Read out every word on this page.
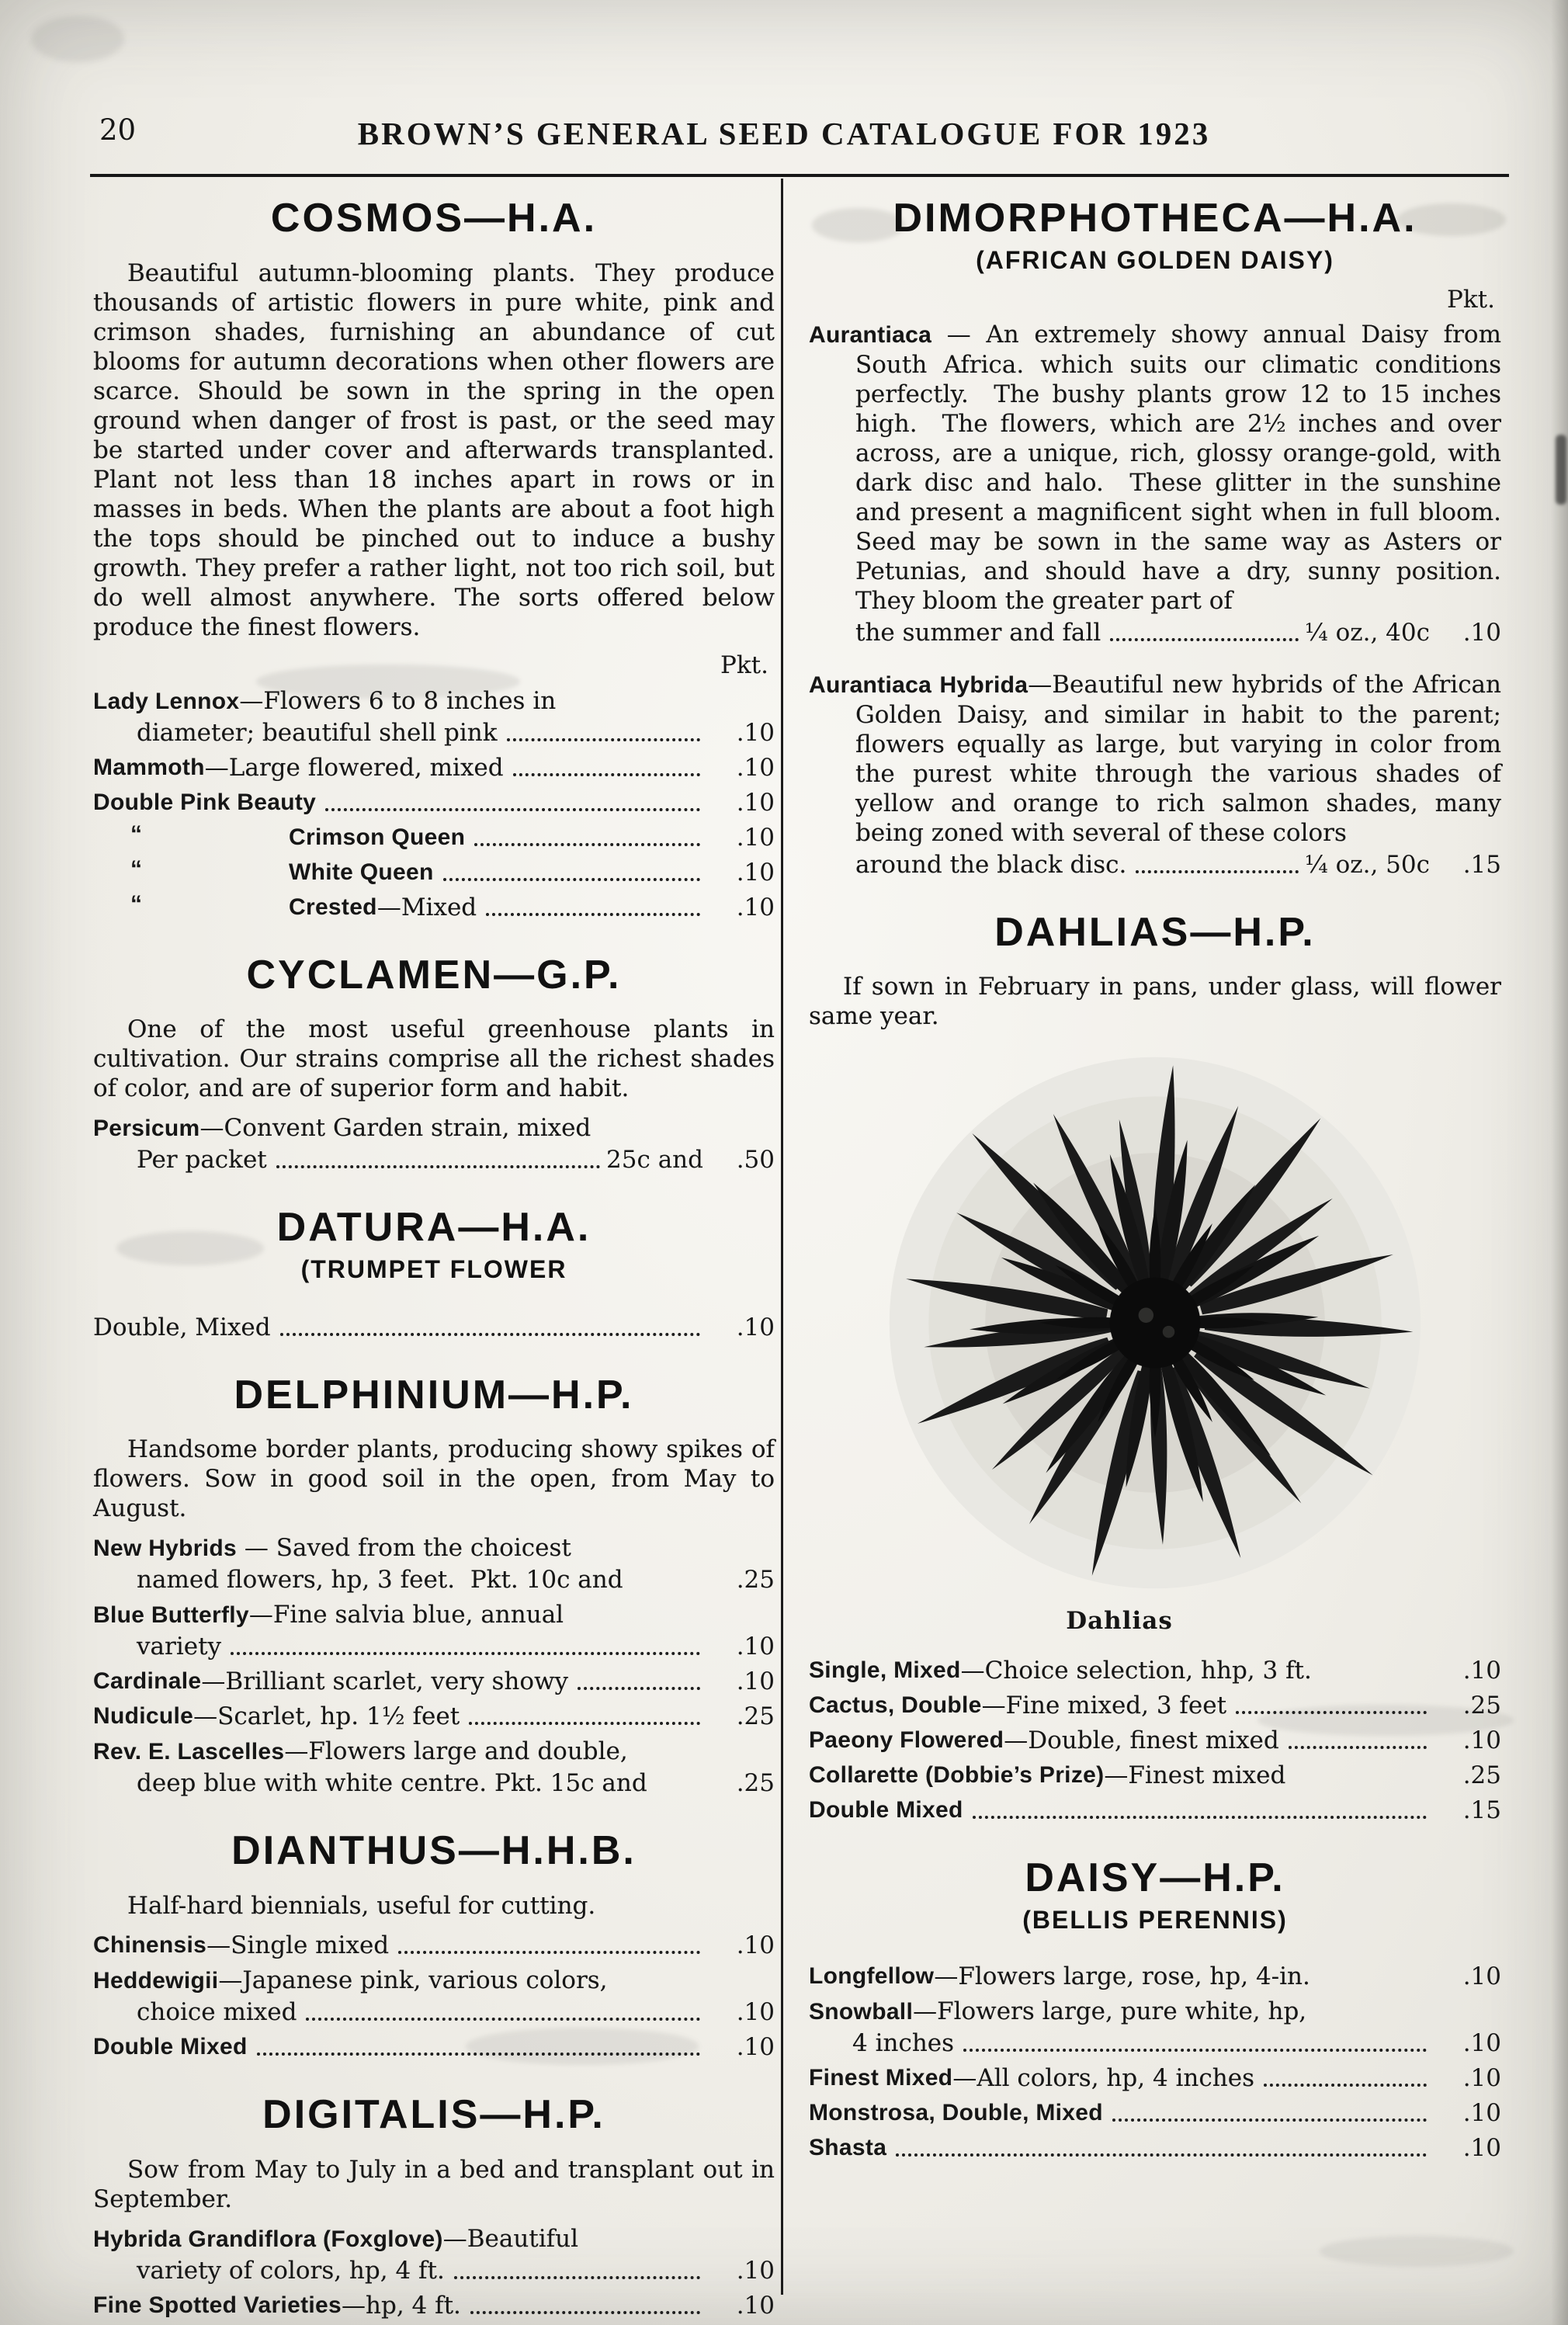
20	BROWN’S GENERAL SEED CATALOGUE FOR 1923
COSMOS—H.A.

Beautiful autumn-blooming plants. They produce thousands of artistic flowers in pure white, pink and crimson shades, furnishing an abundance of cut blooms for autumn decorations when other flowers are scarce. Should be sown in the spring in the open ground when danger of frost is past, or the seed may be started under cover and afterwards transplanted. Plant not less than 18 inches apart in rows or in masses in beds. When the plants are about a foot high the tops should be pinched out to induce a bushy growth. They prefer a rather light, not too rich soil, but do well almost anywhere. The sorts offered below produce the finest flowers.

Pkt.
Lady Lennox—Flowers 6 to 8 inches in
diameter; beautiful shell pink	.10
Mammoth —Large flowered, mixed	.10
Double Pink Beauty	.10
“	Crimson Queen	.10
“	White Queen	.10
“	Crested —Mixed	.10
CYCLAMEN—G.P.

One of the most useful greenhouse plants in cultivation. Our strains comprise all the richest shades of color, and are of superior form and habit.

Persicum—Convent Garden strain, mixed
Per packet	25c and	.50
DATURA—H.A.
(TRUMPET FLOWER
Double, Mixed	.10
DELPHINIUM—H.P.

Handsome border plants, producing showy spikes of flowers. Sow in good soil in the open, from May to August.

New Hybrids — Saved from the choicest
named flowers, hp, 3 feet.  Pkt. 10c and	.25
Blue Butterfly—Fine salvia blue, annual
variety	.10
Cardinale —Brilliant scarlet, very showy	.10
Nudicule —Scarlet, hp. 1½ feet	.25
Rev. E. Lascelles—Flowers large and double,
deep blue with white centre. Pkt. 15c and	.25
DIANTHUS—H.H.B.

Half-hard biennials, useful for cutting.

Chinensis —Single mixed	.10
Heddewigii—Japanese pink, various colors,
choice mixed	.10
Double Mixed	.10
DIGITALIS—H.P.

Sow from May to July in a bed and transplant out in September.

Hybrida Grandiflora (Foxglove)—Beautiful
variety of colors, hp, 4 ft.	.10
Fine Spotted Varieties —hp, 4 ft.	.10
DIMORPHOTHECA—H.A.
(AFRICAN GOLDEN DAISY)
Pkt.

Aurantiaca — An extremely showy annual Daisy from South Africa. which suits our climatic conditions perfectly.  The bushy plants grow 12 to 15 inches high.  The flowers, which are 2½ inches and over across, are a unique, rich, glossy orange-gold, with dark disc and halo.  These glitter in the sunshine and present a magnificent sight when in full bloom.  Seed may be sown in the same way as Asters or Petunias, and should have a dry, sunny position.  They bloom the greater part of

the summer and fall	¼ oz., 40c	.10

Aurantiaca Hybrida—Beautiful new hybrids of the African Golden Daisy, and similar in habit to the parent; flowers equally as large, but varying in color from the purest white through the various shades of yellow and orange to rich salmon shades, many being zoned with several of these colors

around the black disc.	¼ oz., 50c	.15
DAHLIAS—H.P.

If sown in February in pans, under glass, will flower same year.

Dahlias
Single, Mixed —Choice selection, hhp, 3 ft.	.10
Cactus, Double —Fine mixed, 3 feet	.25
Paeony Flowered —Double, finest mixed	.10
Collarette (Dobbie’s Prize) —Finest mixed	.25
Double Mixed	.15
DAISY—H.P.
(BELLIS PERENNIS)
Longfellow —Flowers large, rose, hp, 4-in.	.10
Snowball—Flowers large, pure white, hp,
4 inches	.10
Finest Mixed —All colors, hp, 4 inches	.10
Monstrosa, Double, Mixed	.10
Shasta	.10
